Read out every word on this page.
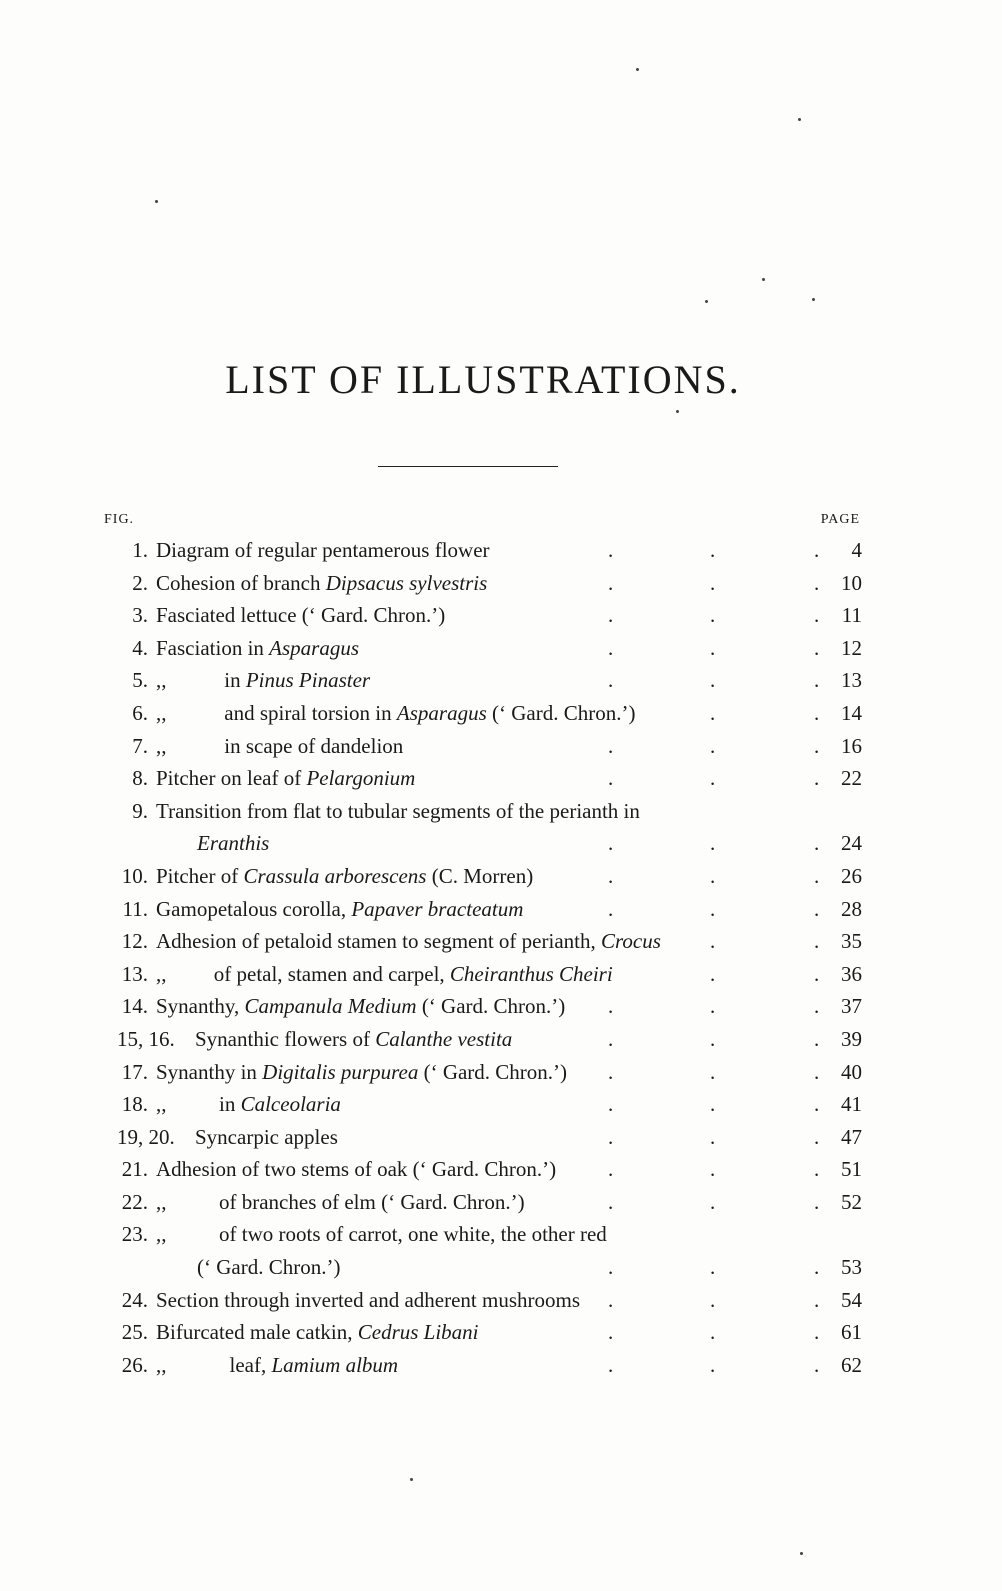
LIST OF ILLUSTRATIONS.
FIG.	PAGE
1. Diagram of regular pentamerous flower	4
.	.	.
2. Cohesion of branch Dipsacus sylvestris	10
.	.	.
3. Fasciated lettuce (‘ Gard. Chron.’)	11
.	.	.
4. Fasciation in Asparagus	12
.	.	.
5. ,,           in Pinus Pinaster	13
.	.	.
6. ,,           and spiral torsion in Asparagus (‘ Gard. Chron.’)	14
.	.
7. ,,           in scape of dandelion	16
.	.	.
8. Pitcher on leaf of Pelargonium	22
.	.	.
9. Transition from flat to tubular segments of the perianth in
Eranthis	24
.	.	.
10. Pitcher of Crassula arborescens (C. Morren)	26
.	.	.
11. Gamopetalous corolla, Papaver bracteatum	28
.	.	.
12. Adhesion of petaloid stamen to segment of perianth, Crocus	35
.	.
13. ,,         of petal, stamen and carpel, Cheiranthus Cheiri	36
.	.
14. Synanthy, Campanula Medium (‘ Gard. Chron.’)	37
.	.	.
15, 16. Synanthic flowers of Calanthe vestita	39
.	.	.
17. Synanthy in Digitalis purpurea (‘ Gard. Chron.’)	40
.	.	.
18. ,,          in Calceolaria	41
.	.	.
19, 20. Syncarpic apples	47
.	.	.
21. Adhesion of two stems of oak (‘ Gard. Chron.’)	51
.	.	.
22. ,,          of branches of elm (‘ Gard. Chron.’)	52
.	.	.
23. ,,          of two roots of carrot, one white, the other red
(‘ Gard. Chron.’)	53
.	.	.
24. Section through inverted and adherent mushrooms	54
.	.	.
25. Bifurcated male catkin, Cedrus Libani	61
.	.	.
26. ,,            leaf, Lamium album	62
.	.	.
